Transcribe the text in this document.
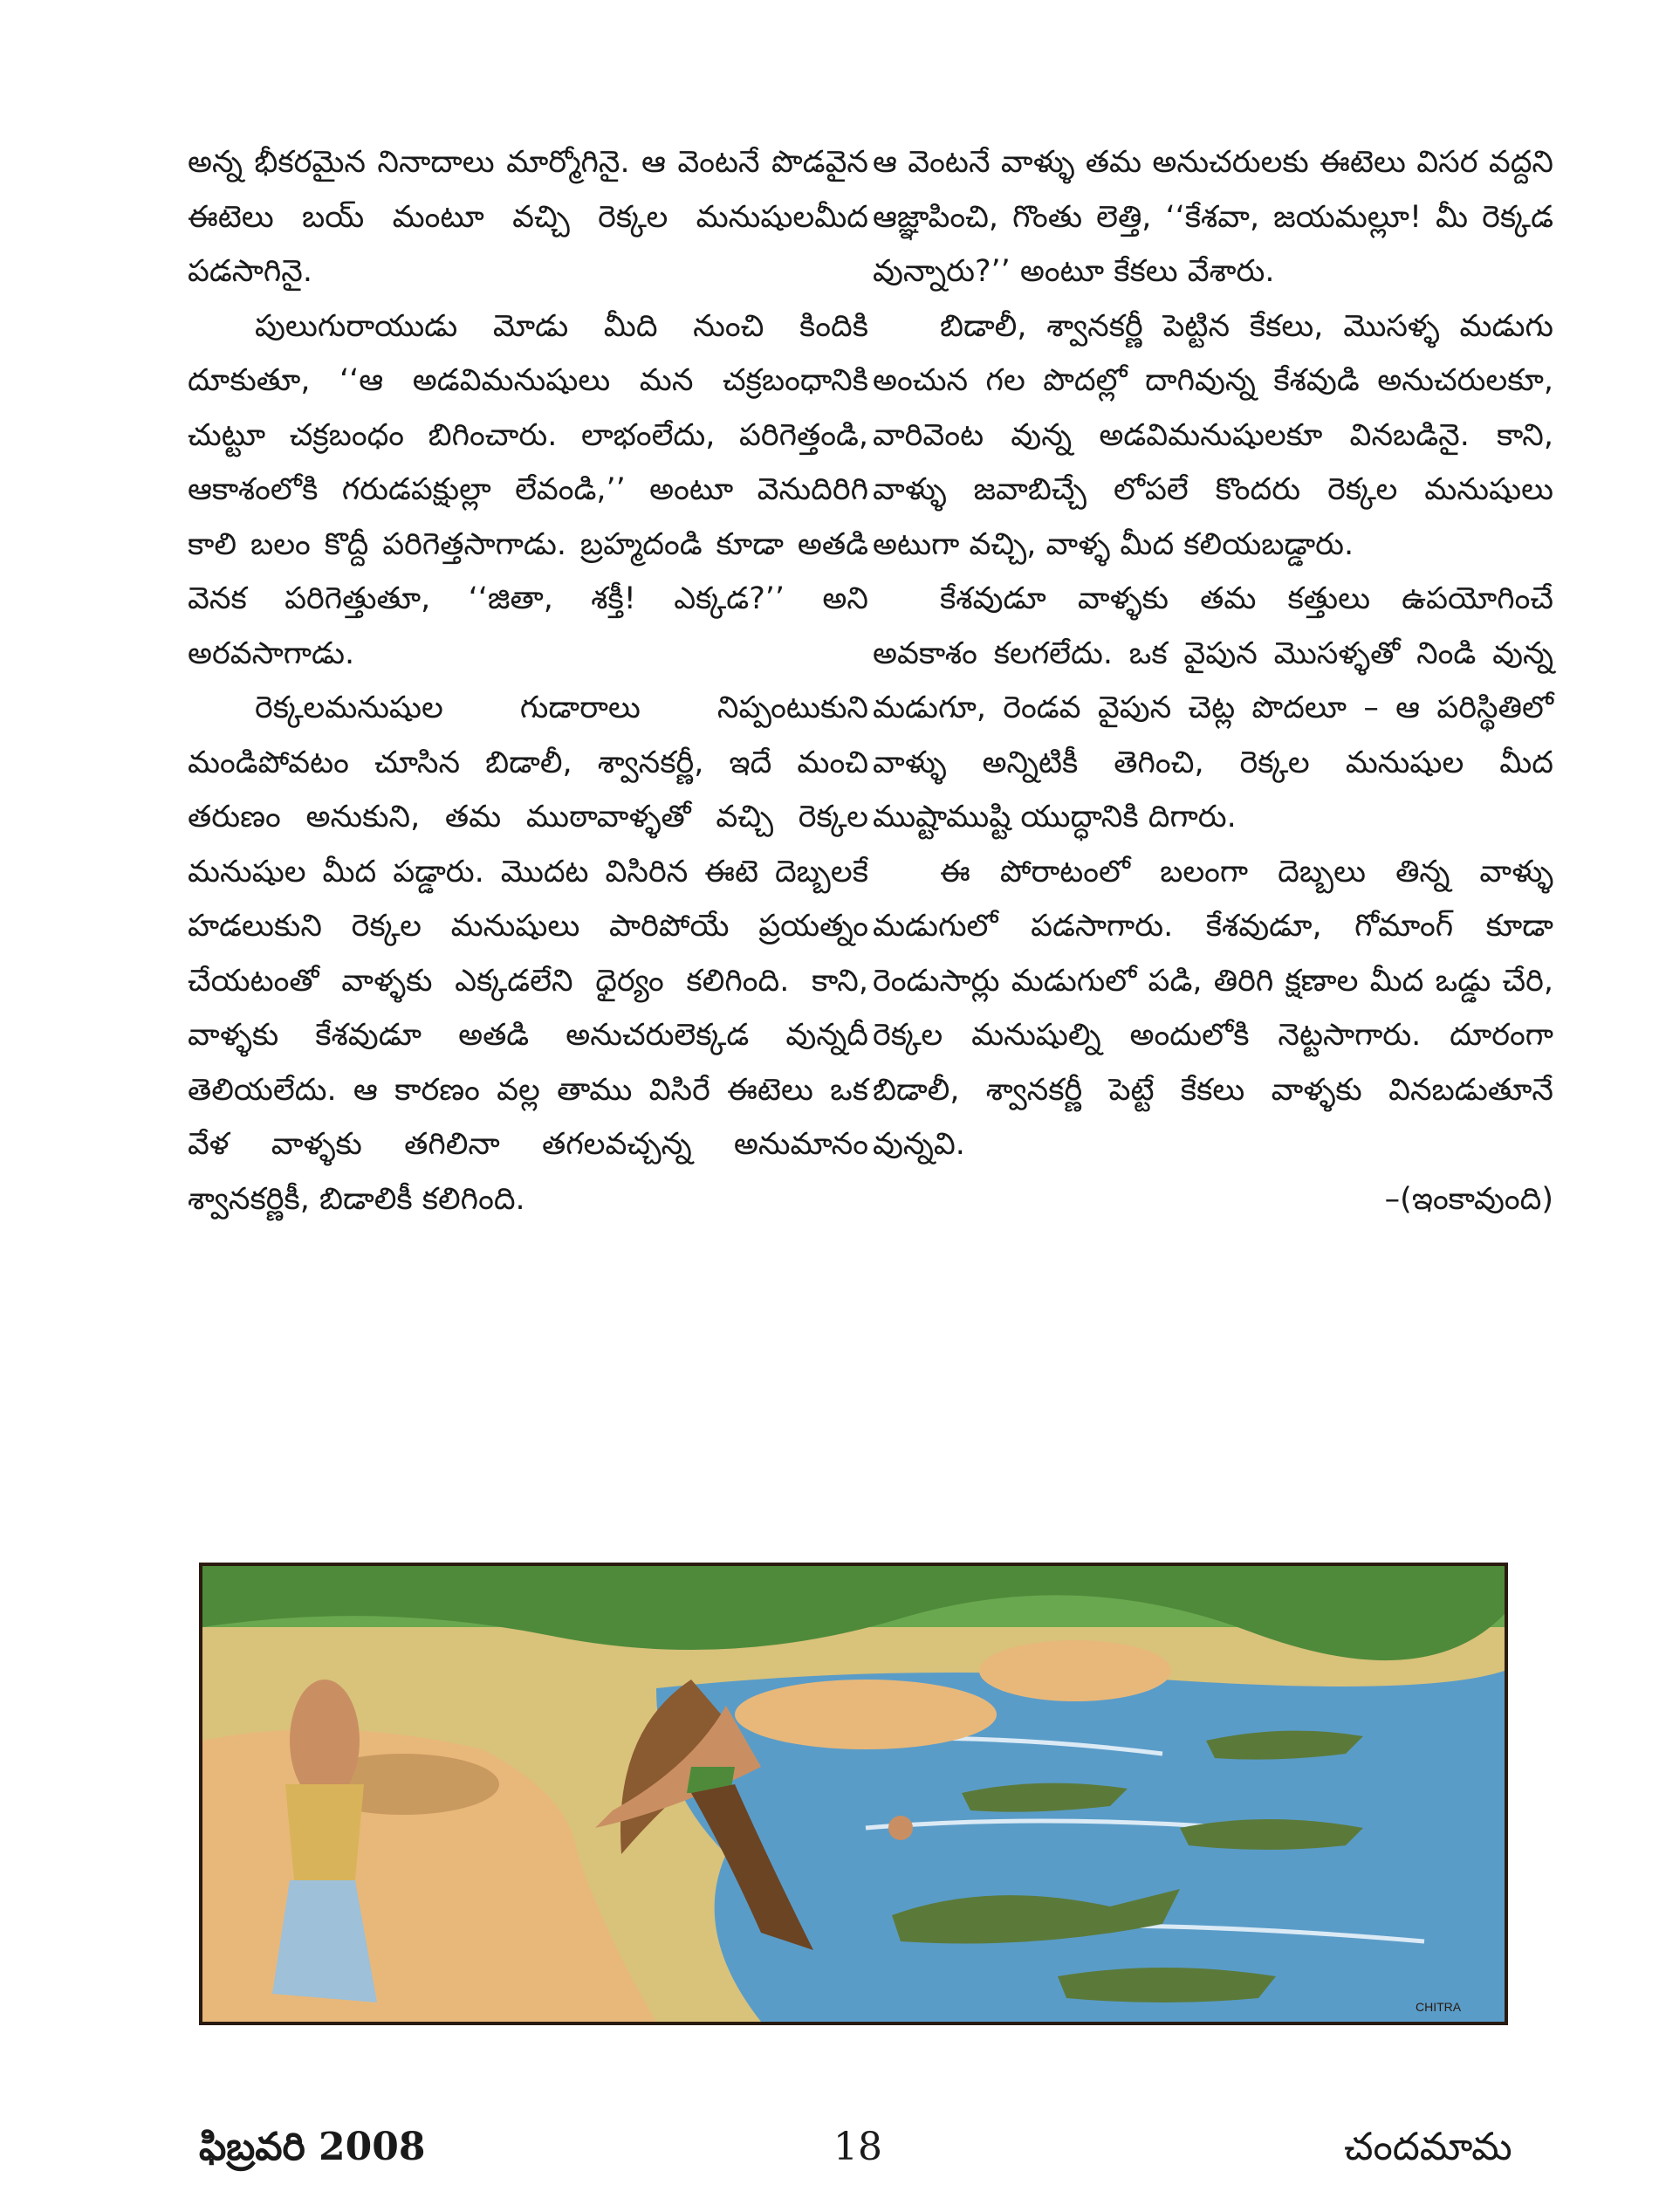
అన్న భీకరమైన నినాదాలు మార్మోగినై. ఆ వెంటనే పొడవైన ఈటెలు బయ్ మంటూ వచ్చి రెక్కల మనుషులమీద పడసాగినై.

పులుగురాయుడు మోడు మీది నుంచి కిందికి దూకుతూ, ‘‘ఆ అడవిమనుషులు మన చక్రబంధానికి చుట్టూ చక్రబంధం బిగించారు. లాభంలేదు, పరిగెత్తండి, ఆకాశంలోకి గరుడపక్షుల్లా లేవండి,’’ అంటూ వెనుదిరిగి కాలి బలం కొద్దీ పరిగెత్తసాగాడు. బ్రహ్మదండి కూడా అతడి వెనక పరిగెత్తుతూ, ‘‘జితా, శక్తీ! ఎక్కడ?’’ అని అరవసాగాడు.

రెక్కలమనుషుల గుడారాలు నిప్పంటుకుని మండిపోవటం చూసిన బిడాలీ, శ్వానకర్ణీ, ఇదే మంచి తరుణం అనుకుని, తమ ముఠావాళ్ళతో వచ్చి రెక్కల మనుషుల మీద పడ్డారు. మొదట విసిరిన ఈటె దెబ్బలకే హడలుకుని రెక్కల మనుషులు పారిపోయే ప్రయత్నం చేయటంతో వాళ్ళకు ఎక్కడలేని ధైర్యం కలిగింది. కాని, వాళ్ళకు కేశవుడూ అతడి అనుచరులెక్కడ వున్నదీ తెలియలేదు. ఆ కారణం వల్ల తాము విసిరే ఈటెలు ఒక వేళ వాళ్ళకు తగిలినా తగలవచ్చన్న అనుమానం శ్వానకర్ణికీ, బిడాలికీ కలిగింది.

ఆ వెంటనే వాళ్ళు తమ అనుచరులకు ఈటెలు విసర వద్దని ఆజ్ఞాపించి, గొంతు లెత్తి, ‘‘కేశవా, జయమల్లూ! మీ రెక్కడ వున్నారు?’’ అంటూ కేకలు వేశారు.

బిడాలీ, శ్వానకర్ణీ పెట్టిన కేకలు, మొసళ్ళ మడుగు అంచున గల పొదల్లో దాగివున్న కేశవుడి అనుచరులకూ, వారివెంట వున్న అడవిమనుషులకూ వినబడినై. కాని, వాళ్ళు జవాబిచ్చే లోపలే కొందరు రెక్కల మనుషులు అటుగా వచ్చి, వాళ్ళ మీద కలియబడ్డారు.

కేశవుడూ వాళ్ళకు తమ కత్తులు ఉపయోగించే అవకాశం కలగలేదు. ఒక వైపున మొసళ్ళతో నిండి వున్న మడుగూ, రెండవ వైపున చెట్ల పొదలూ – ఆ పరిస్థితిలో వాళ్ళు అన్నిటికీ తెగించి, రెక్కల మనుషుల మీద ముష్టాముష్టి యుద్ధానికి దిగారు.

ఈ పోరాటంలో బలంగా దెబ్బలు తిన్న వాళ్ళు మడుగులో పడసాగారు. కేశవుడూ, గోమాంగ్ కూడా రెండుసార్లు మడుగులో పడి, తిరిగి క్షణాల మీద ఒడ్డు చేరి, రెక్కల మనుషుల్ని అందులోకి నెట్టసాగారు. దూరంగా బిడాలీ, శ్వానకర్ణీ పెట్టే కేకలు వాళ్ళకు వినబడుతూనే వున్నవి.

–(ఇంకావుంది)

CHITRA
ఫిబ్రవరి 2008	18	చందమామ
